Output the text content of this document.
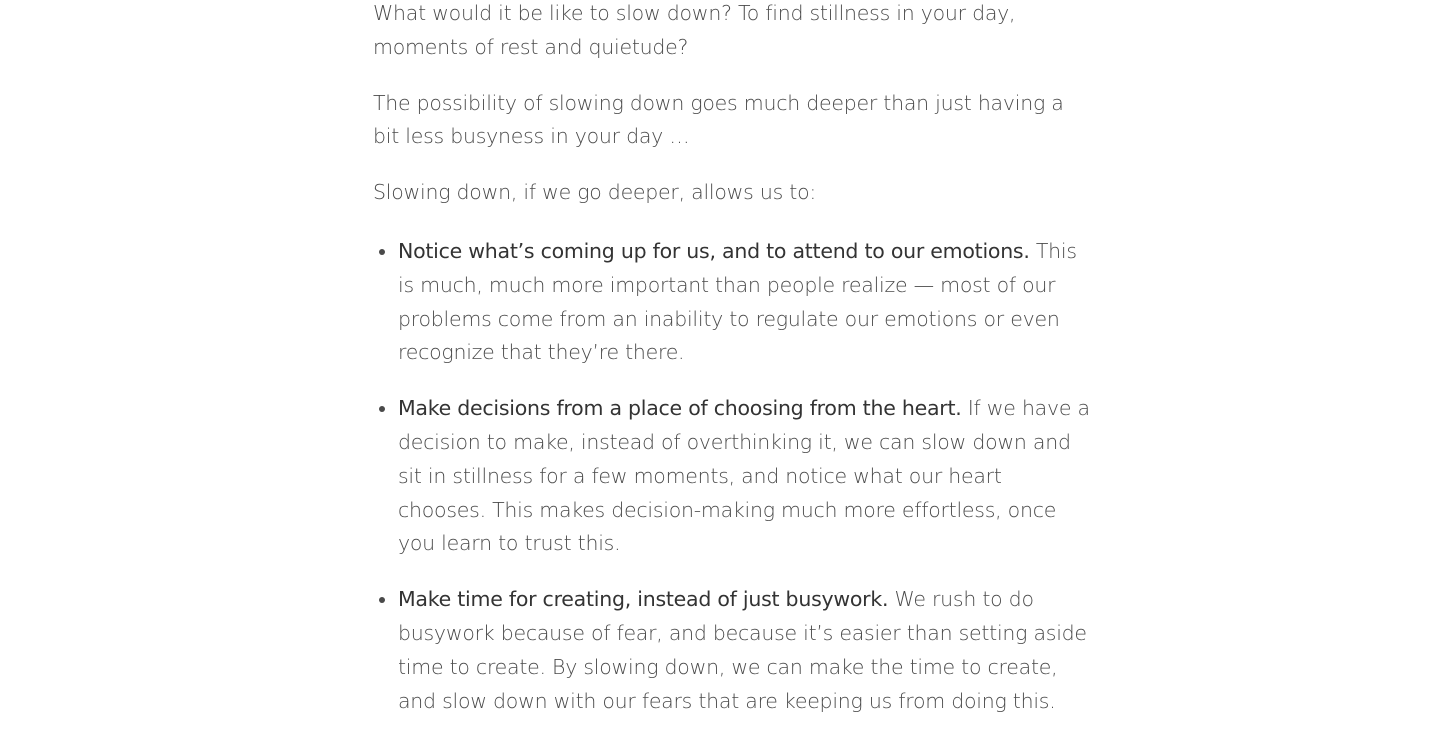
What would it be like to slow down? To find stillness in your day, moments of rest and quietude?

The possibility of slowing down goes much deeper than just having a bit less busyness in your day …

Slowing down, if we go deeper, allows us to:

• Notice what’s coming up for us, and to attend to our emotions. This is much, much more important than people realize — most of our problems come from an inability to regulate our emotions or even recognize that they’re there.
• Make decisions from a place of choosing from the heart. If we have a decision to make, instead of overthinking it, we can slow down and sit in stillness for a few moments, and notice what our heart chooses. This makes decision-making much more effortless, once you learn to trust this.
• Make time for creating, instead of just busywork. We rush to do busywork because of fear, and because it’s easier than setting aside time to create. By slowing down, we can make the time to create, and slow down with our fears that are keeping us from doing this.
